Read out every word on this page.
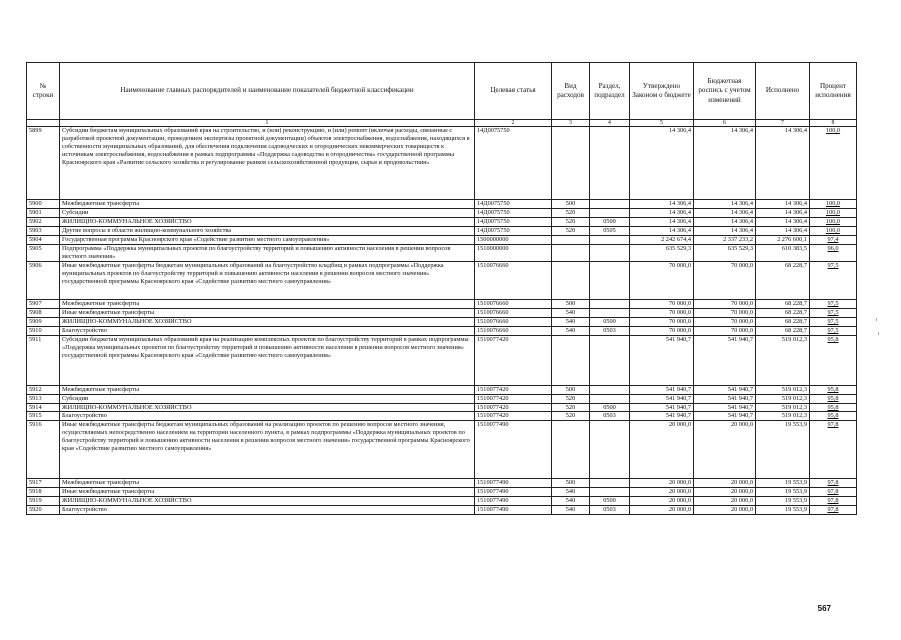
№ строки	Наименование главных распорядителей и наименование показателей бюджетной классификации	Целевая статья	Вид расходов	Раздел, подраздел	Утверждено Законом о бюджете	Бюджетная роспись с учетом изменений	Исполнено	Процент исполнения
	1	2	3	4	5	6	7	8
5899	Субсидии бюджетам муниципальных образований края на строительство, и (или) реконструкцию, и (или) ремонт (включая расходы, связанные с разработкой проектной документации, проведением экспертизы проектной документации) объектов электроснабжения, водоснабжения, находящихся в собственности муниципальных образований, для обеспечения подключения садоводческих и огороднических некоммерческих товариществ к источникам электроснабжения, водоснабжения в рамках подпрограммы «Поддержка садоводства и огородничества» государственной программы Красноярского края «Развитие сельского хозяйства и регулирование рынков сельскохозяйственной продукции, сырья и продовольствия»	14Д0075750			14 306,4	14 306,4	14 306,4	100,0
5900	Межбюджетные трансферты	14Д0075750	500		14 306,4	14 306,4	14 306,4	100,0
5901	Субсидии	14Д0075750	520		14 306,4	14 306,4	14 306,4	100,0
5902	ЖИЛИЩНО-КОММУНАЛЬНОЕ ХОЗЯЙСТВО	14Д0075750	520	0500	14 306,4	14 306,4	14 306,4	100,0
5903	Другие вопросы в области жилищно-коммунального хозяйства	14Д0075750	520	0505	14 306,4	14 306,4	14 306,4	100,0
5904	Государственная программа Красноярского края «Содействие развитию местного самоуправления»	1500000000			2 242 674,4	2 337 233,2	2 276 600,1	97,4
5905	Подпрограмма «Поддержка муниципальных проектов по благоустройству территорий и повышению активности населения в решении вопросов местного значения»	1510000000			635 529,3	635 529,3	610 383,5	96,0
5906	Иные межбюджетные трансферты бюджетам муниципальных образований на благоустройство кладбищ в рамках подпрограммы «Поддержка муниципальных проектов по благоустройству территорий и повышению активности населения в решении вопросов местного значения» государственной программы Красноярского края «Содействие развитию местного самоуправления»	1510076660			70 000,0	70 000,0	68 228,7	97,5
5907	Межбюджетные трансферты	1510076660	500		70 000,0	70 000,0	68 228,7	97,5
5908	Иные межбюджетные трансферты	1510076660	540		70 000,0	70 000,0	68 228,7	97,5
5909	ЖИЛИЩНО-КОММУНАЛЬНОЕ ХОЗЯЙСТВО	1510076660	540	0500	70 000,0	70 000,0	68 228,7	97,5
5910	Благоустройство	1510076660	540	0503	70 000,0	70 000,0	68 228,7	97,5
5911	Субсидии бюджетам муниципальных образований края на реализацию комплексных проектов по благоустройству территорий в рамках подпрограммы «Поддержка муниципальных проектов по благоустройству территорий и повышению активности населения в решении вопросов местного значения» государственной программы Красноярского края «Содействие развитию местного самоуправления»	1510077420			541 940,7	541 940,7	519 012,3	95,8
5912	Межбюджетные трансферты	1510077420	500		541 940,7	541 940,7	519 012,3	95,8
5913	Субсидии	1510077420	520		541 940,7	541 940,7	519 012,3	95,8
5914	ЖИЛИЩНО-КОММУНАЛЬНОЕ ХОЗЯЙСТВО	1510077420	520	0500	541 940,7	541 940,7	519 012,3	95,8
5915	Благоустройство	1510077420	520	0503	541 940,7	541 940,7	519 012,3	95,8
5916	Иные межбюджетные трансферты бюджетам муниципальных образований на реализацию проектов по решению вопросов местного значения, осуществляемых непосредственно населением на территории населенного пункта, в рамках подпрограммы «Поддержка муниципальных проектов по благоустройству территорий и повышению активности населения в решении вопросов местного значения» государственной программы Красноярского края «Содействие развитию местного самоуправления»	1510077490			20 000,0	20 000,0	19 553,9	97,8
5917	Межбюджетные трансферты	1510077490	500		20 000,0	20 000,0	19 553,9	97,8
5918	Иные межбюджетные трансферты	1510077490	540		20 000,0	20 000,0	19 553,9	97,8
5919	ЖИЛИЩНО-КОММУНАЛЬНОЕ ХОЗЯЙСТВО	1510077490	540	0500	20 000,0	20 000,0	19 553,9	97,8
5920	Благоустройство	1510077490	540	0503	20 000,0	20 000,0	19 553,9	97,8
567
